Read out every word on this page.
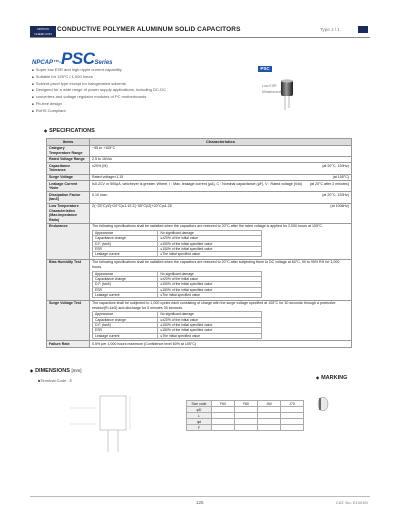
NIPPON
CHEMI-CON
CONDUCTIVE POLYMER ALUMINUM SOLID CAPACITORS	Type 1 / 1
NPCAP™-PSCSeries
■ Super low ESR and high ripple current capability
■ Suitable for 125°C / 1,000 hours
■ Solvent-proof type except for halogenated solvents
■ Designed for a wide range of power supply applications, including DC-DC
■ converters and voltage regulator modules of PC motherboards
■ Pb-free design
■ RoHS Compliant
PSC
Low ESR
Miniaturized
◆ SPECIFICATIONS
Items	Characteristics
Category Temperature Range	−55 to +105°C
Rated Voltage Range	2.5 to 16Vdc
Capacitance Tolerance	±20% (M)	(at 20°C, 120Hz)

Surge Voltage	Rated voltage×1.15	(at 105°C)

Leakage Current *Note	I≤0.2CV or 500μA, whichever is greater. Where, I : Max. leakage current (μA), C : Nominal capacitance (μF), V : Rated voltage (Vdc) (at 20°C after 2 minutes)

Dissipation Factor (tanδ)	0.10 max.	(at 20°C, 120Hz)

Low Temperature Characteristics (Max.Impedance Ratio)	Z(−25°C)/Z(+20°C)≤1.15 Z(−55°C)/Z(+20°C)≤1.25	(at 100kHz)

Endurance	The following specifications shall be satisfied when the capacitors are restored to 20°C after the rated voltage is applied for 2,000 hours at 105°C.
Appearance	No significant damage
Capacitance change	≤±20% of the initial value
D.F. (tanδ)	≤150% of the initial specified value
ESR	≤150% of the initial specified value
Leakage current	≤The initial specified value

Bias Humidity Test	The following specifications shall be satisfied when the capacitors are restored to 20°C after subjecting them to DC voltage at 60°C, 90 to 95% RH for 1,000 hours.
Appearance	No significant damage
Capacitance change	≤±20% of the initial value
D.F. (tanδ)	≤150% of the initial specified value
ESR	≤150% of the initial specified value
Leakage current	≤The initial specified value

Surge Voltage Test	The capacitors shall be subjected to 1,000 cycles each consisting of charge with the surge voltage specified at 105°C for 30 seconds through a protective resistor(R=1kΩ) and discharge for 5 minutes 30 seconds.
Appearance	No significant damage
Capacitance change	≤±20% of the initial value
D.F. (tanδ)	≤150% of the initial specified value
ESR	≤150% of the initial specified value
Leakage current	≤The initial specified value

Failure Rate	0.5% per 1,000 hours maximum (Confidence level 60% at 105°C)
◆ DIMENSIONS [mm]
■Terminal Code : E
Size code	F60	F80	J60	J70
φD				
L				
φd				
F				
◆ MARKING
125	CAT. No. E1001M
